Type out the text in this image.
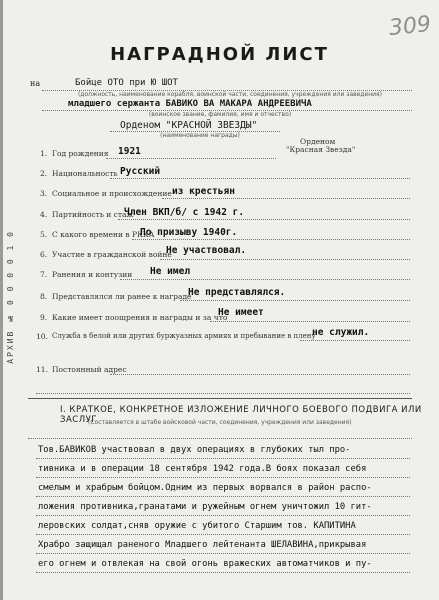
309
АРХИВ № 0 0 0 0 1 0
НАГРАДНОЙ ЛИСТ
на	Бойце ОТО при Ю ШОТ
(должность, наименование корабля, воинской части, соединения, учреждения или заведения)
младшего сержанта БАВИКО ВА МАКАРА АНДРЕЕВИЧА
(воинское звание, фамилия, имя и отчество)
Орденом "КРАСНОЙ ЗВЕЗДЫ"
(наименование награды)
Орденом
"Красная Звезда"
1. Год рождения 1921
2. Национальность Русский
3. Социальное и происхождение из крестьян
4. Партийность и стаж
Член ВКП/б/ с 1942 г.
5. С какого времени в РККА
По призыву 1940г.
6. Участие в гражданской войне
Не участвовал.
7. Ранения и контузии Не имел
8. Представлялся ли ранее к награде
Не представлялся.
9. Какие имеет поощрения и награды и за что
Не имеет
10. Служба в белой или других буржуазных армиях и пребывание в плену
не служил.
11. Постоянный адрес
I. КРАТКОЕ, КОНКРЕТНОЕ ИЗЛОЖЕНИЕ ЛИЧНОГО БОЕВОГО ПОДВИГА ИЛИ ЗАСЛУГ
(Составляется в штабе войсковой части, соединения, учреждения или заведения)
Тов.БАВИКОВ участвовал в двух операциях в глубоких тыл про-
тивника и в операции 18 сентября 1942 года.В боях показал себя
смелым и храбрым бойцом.Одним из первых ворвался в район распо-
ложения противника,гранатами и ружейным огнем уничтожил 10 гит-
леровских солдат,сняв оружие с убитого Старшим тов. КАПИТИНА
Храбро защищал раненого Младшего лейтенанта ШЕЛАВИНА,прикрывая
его огнем и отвлекая на свой огонь вражеских автоматчиков и пу-
